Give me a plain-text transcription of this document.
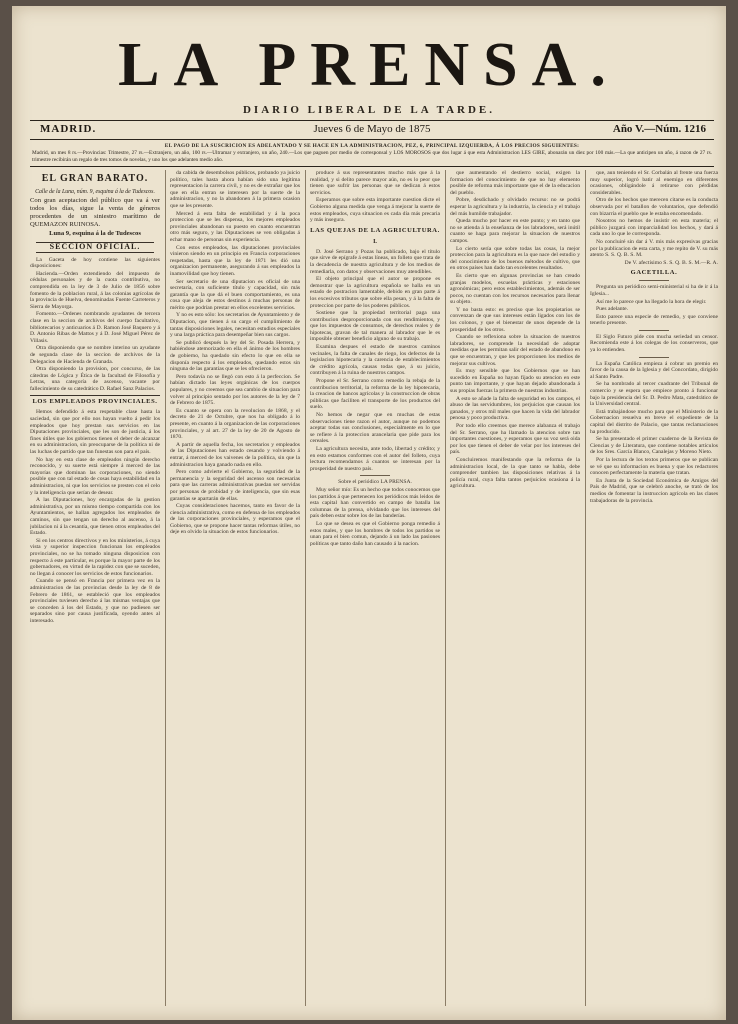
LA PRENSA.
DIARIO LIBERAL DE LA TARDE.
MADRID.	Jueves 6 de Mayo de 1875	Año V.—Núm. 1216
EL PAGO DE LA SUSCRICION ES ADELANTADO Y SE HACE EN LA ADMINISTRACION, PEZ, 6, PRINCIPAL IZQUIERDA, Á LOS PRECIOS SIGUIENTES:
Madrid, un mes 8 rs.—Provincias: Trimestre, 27 rs.—Extranjero, un año, 100 rs.—Ultramar y extranjero, un año, 240.—Los que paguen por medio de corresponsal y LOS MOROSOS que dos lugar á que esta Administracion LES GIRE, abonarán un diez por 100 más.—La que anticipen un año, á razon de 27 rs. trimestre recibirán un regalo de tres tomos de novelas, y uno los que adelanten medio año.
EL GRAN BARATO.

Calle de la Luna, núm. 9, esquina á la de Tudescos.

Con gran aceptacion del público que va á ver todos los días, sigue la venta de géneros procedentes de un siniestro marítimo de QUEMAZON RUINOSA.

Luna 9, esquina á la de Tudescos

SECCION OFICIAL.

La Gaceta de hoy contiene las siguientes disposiciones:

Hacienda.—Orden extendiendo del impuesto de cédulas personales y de la cuota contributiva, no comprendida en la ley de 3 de Julio de 1856 sobre fomento de la poblacion rural, á las colonias agrícolas de la provincia de Huelva, denominadas Fuente Carreteros y Sierra de Mayorga.

Fomento.—Ordenes nombrando ayudantes de tercera clase en la seccion de archivos del cuerpo facultativo, bibliotecarios y anticuarios á D. Ramon José Baquero y á D. Antonio Ribas de Mattos y á D. José Miguel Pérez de Villasis.

Otra disponiendo que se nombre interino un ayudante de segunda clase de la seccion de archivos de la Delegacion de Hacienda de Granada.

Otra disponiendo la provision, por concurso, de las cátedras de Lógica y Ética de la facultad de Filosofía y Letras, una categoría de ascenso, vacante por fallecimiento de su catedrático D. Rafael Sanz Palacios.

LOS EMPLEADOS PROVINCIALES.

Hemos defendido á esta respetable clase hasta la saciedad, sin que por ello nos hayan vuelto á pedir los empleados que hoy prestan sus servicios en las Diputaciones provinciales, que les son de justicia, á los fines útiles que los gobiernos tienen el deber de alcanzar en su administracion, sin preocuparse de la política ni de las luchas de partido que tan funestas son para el país.

No hay en esta clase de empleados ningún derecho reconocido, y su suerte está siempre á merced de las mayorías que dominan las corporaciones, no siendo posible que con tal estado de cosas haya estabilidad en la administracion, ni que los servicios se presten con el celo y la inteligencia que serían de desear.

A las Diputaciones, hoy encargadas de la gestion administrativa, por un mismo tiempo compartida con los Ayuntamientos, se hallan agregados los empleados de caminos, sin que tengan un derecho al ascenso, á la jubilacion ni á la cesantía, que tienen otros empleados del Estado.

Si en los centros directivos y en los ministerios, á cuya vista y superior inspeccion funcionan los empleados provinciales, no se ha tomado ninguna disposicion con respecto á este particular, es porque la mayor parte de los gobernadores, en virtud de la rapidez con que se suceden, no llegan á conocer los servicios de estos funcionarios.

Cuando se pensó en Francia por primera vez en la administracion de las provincias desde la ley de 8 de Febrero de 1861, se estableció que los empleados provinciales tuviesen derecho á las mismas ventajas que se conceden á los del Estado, y que no pudiesen ser separados sino por causa justificada, oyendo antes al interesado.

da cabida de desembolsos públicos, probando ya juicio político, tales hasta ahora habían sido una legítima representacion la carrera civil, y no es de extrañar que los que en ella entran se interesen por la suerte de la administracion, y no la abandonen á la primera ocasion que se les presente.

Merced á esta falta de estabilidad y á la poca proteccion que se les dispensa, los mejores empleados provinciales abandonan su puesto en cuanto encuentran otro más seguro, y las Diputaciones se ven obligadas á echar mano de personas sin experiencia.

Con estos empleados, las diputaciones provinciales vinieron siendo en un principio en Francia corporaciones respetadas, hasta que la ley de 1871 les dió una organizacion permanente, asegurando á sus empleados la inamovilidad que hoy tienen.

Ser secretario de una diputacion es oficial de una secretaría, con suficiente título y capacidad, sin más garantía que la que dá el buen comportamiento, es una cosa que aleja de estos destinos á muchas personas de mérito que podrían prestar en ellos excelentes servicios.

Y no es esto sólo: los secretarios de Ayuntamiento y de Diputacion, que tienen á su cargo el cumplimiento de tantas disposiciones legales, necesitan estudios especiales y una larga práctica para desempeñar bien sus cargos.

Se publicó después la ley del Sr. Posada Herrera, y habiéndose atemorizado en ella el ánimo de los hombres de gobierno, ha quedado sin efecto lo que en ella se disponía respecto á los empleados, quedando estos sin ninguna de las garantías que se les ofrecieron.

Pero todavía no se llegó con esto á la perfeccion. Se habían dictado las leyes orgánicas de los cuerpos populares, y no creemos que sea cambio de situacion para volver al principio sentado por los autores de la ley de 7 de Febrero de 1875.

Es cuanto se opera con la revolucion de 1868, y el decreto de 21 de Octubre, que nos ha obligado á lo presente, en cuanto á la organizacion de las corporaciones provinciales, y al art. 27 de la ley de 20 de Agosto de 1870.

A partir de aquella fecha, los secretarios y empleados de las Diputaciones han estado cesando y volviendo á entrar, á merced de los vaivenes de la política, sin que la administracion haya ganado nada en ello.

Pero como advierte el Gobierno, la seguridad de la permanencia y la seguridad del ascenso son necesarias para que las carreras administrativas puedan ser servidas por personas de probidad y de inteligencia, que sin esas garantías se apartarán de ellas.

Cuyas consideraciones hacemos, tanto en favor de la ciencia administrativa, como en defensa de los empleados de las corporaciones provinciales, y esperamos que el Gobierno, que se propone hacer tantas reformas útiles, no deje en olvido la situacion de estos funcionarios.

produce á sus representantes mucho más que á la realidad, y si delito parece mayor aún, no es lo peor que tienen que sufrir las personas que se dedican á estos servicios.

Esperamos que sobre esta importante cuestion dicte el Gobierno alguna medida que venga á mejorar la suerte de estos empleados, cuya situacion es cada día más precaria y más insegura.

LAS QUEJAS DE LA AGRICULTURA.
I.

D. José Serrano y Pozas ha publicado, bajo el título que sirve de epígrafe á estas líneas, un folleto que trata de la decadencia de nuestra agricultura y de los medios de remediarla, con datos y observaciones muy atendibles.

El objeto principal que el autor se propone es demostrar que la agricultura española se halla en un estado de postracion lamentable, debido en gran parte á los excesivos tributos que sobre ella pesan, y á la falta de proteccion por parte de los poderes públicos.

Sostiene que la propiedad territorial paga una contribucion desproporcionada con sus rendimientos, y que los impuestos de consumos, de derechos reales y de hipotecas, gravan de tal manera al labrador que le es imposible obtener beneficio alguno de su trabajo.

Examina despues el estado de nuestros caminos vecinales, la falta de canales de riego, los defectos de la legislacion hipotecaria y la carencia de establecimientos de crédito agrícola, causas todas que, á su juicio, contribuyen á la ruina de nuestros campos.

Propone el Sr. Serrano como remedio la rebaja de la contribucion territorial, la reforma de la ley hipotecaria, la creacion de bancos agrícolas y la construccion de obras públicas que faciliten el transporte de los productos del suelo.

No hemos de negar que en muchas de estas observaciones tiene razon el autor, aunque no podemos aceptar todas sus conclusiones, especialmente en lo que se refiere á la proteccion arancelaria que pide para los cereales.

La agricultura necesita, ante todo, libertad y crédito; y en esto estamos conformes con el autor del folleto, cuya lectura recomendamos á cuantos se interesan por la prosperidad de nuestro país.

Sobre el periódico LA PRENSA.

Muy señor mío: Es un hecho que todos conocemos que los partidos á que pertenecen los periódicos más leidos de esta capital han convertido en campo de batalla las columnas de la prensa, olvidando que los intereses del país deben estar sobre los de las banderías.

Lo que se desea es que el Gobierno ponga remedio á estos males, y que los hombres de todos los partidos se unan para el bien comun, dejando á un lado las pasiones políticas que tanto daño han causado á la nacion.

que aumentando el destierro social, exigen la formacion del conocimiento de que no hay elemento posible de reforma más importante que el de la educacion del pueblo.

Pobre, desdichado y olvidado recurso: no se podrá esperar la agricultura y la industria, la ciencia y el trabajo del más humilde trabajador.

Queda mucho por hacer en este punto; y en tanto que no se atienda á la enseñanza de los labradores, será inútil cuanto se haga para mejorar la situacion de nuestros campos.

Lo cierto sería que sobre todas las cosas, la mejor proteccion para la agricultura es la que nace del estudio y del conocimiento de los buenos métodos de cultivo, que en otros países han dado tan excelentes resultados.

Es cierto que en algunas provincias se han creado granjas modelos, escuelas prácticas y estaciones agronómicas; pero estos establecimientos, además de ser pocos, no cuentan con los recursos necesarios para llenar su objeto.

Y no basta esto: es preciso que los propietarios se convenzan de que sus intereses están ligados con los de los colonos, y que el bienestar de unos depende de la prosperidad de los otros.

Cuando se reflexiona sobre la situacion de nuestros labradores, se comprende la necesidad de adoptar medidas que les permitan salir del estado de abandono en que se encuentran, y que les proporcionen los medios de mejorar sus cultivos.

Es muy sensible que los Gobiernos que se han sucedido en España no hayan fijado su atencion en este punto tan importante, y que hayan dejado abandonada á sus propias fuerzas la primera de nuestras industrias.

A esto se añade la falta de seguridad en los campos, el abuso de las servidumbres, los perjuicios que causan los ganados, y otros mil males que hacen la vida del labrador penosa y poco productiva.

Por todo ello creemos que merece alabanza el trabajo del Sr. Serrano, que ha llamado la atencion sobre tan importantes cuestiones, y esperamos que su voz será oida por los que tienen el deber de velar por los intereses del país.

Concluiremos manifestando que la reforma de la administracion local, de la que tanto se habla, debe comprender tambien las disposiciones relativas á la policía rural, cuya falta tantos perjuicios ocasiona á la agricultura.

que, aun teniendo el Sr. Corbalán al frente una fuerza muy superior, logró batir al enemigo en diferentes ocasiones, obligándole á retirarse con pérdidas considerables.

Otro de los hechos que merecen citarse es la conducta observada por el batallon de voluntarios, que defendió con bizarría el pueblo que le estaba encomendado.

Nosotros no hemos de insistir en esta materia; el público juzgará con imparcialidad los hechos, y dará á cada uno lo que le corresponda.

No concluiré sin dar á V. mis más expresivas gracias por la publicacion de esta carta, y me repito de V. su más atento S. S. Q. B. S. M.

De V. afectísimo S. S. Q. B. S. M.—R. A.

GACETILLA.

Pregunta un periódico semi-ministerial si ha de ir á la Iglesia...

Así me lo parece que ha llegado la hora de elegir.

Pues adelante.

Esto parece una especie de remedio, y que conviene tenerlo presente.

El Siglo Futuro pide con mucha seriedad un censor. Recomienda este á los colegas de los conserveros, que ya lo entienden.

La España Católica empieza á cobrar un premio en favor de la causa de la Iglesia y del Concordato, dirigido al Santo Padre.

Se ha nombrado al tercer cuadrante del Tribunal de comercio y se espera que empiece pronto á funcionar bajo la presidencia del Sr. D. Pedro Mata, catedrático de la Universidad central.

Está trabajándose mucho para que el Ministerio de la Gobernacion resuelva en breve el expediente de la capital del distrito de Palacio, que tantas reclamaciones ha producido.

Se ha presentado el primer cuaderno de la Revista de Ciencias y de Literatura, que contiene notables artículos de los Sres. García Blanco, Canalejas y Moreno Nieto.

Por la lectura de los textos primeros que se publican se vé que su informacion es buena y que los redactores conocen perfectamente la materia que tratan.

En Junta de la Sociedad Económica de Amigos del País de Madrid, que se celebró anoche, se trató de los medios de fomentar la instruccion agrícola en las clases trabajadoras de la provincia.
